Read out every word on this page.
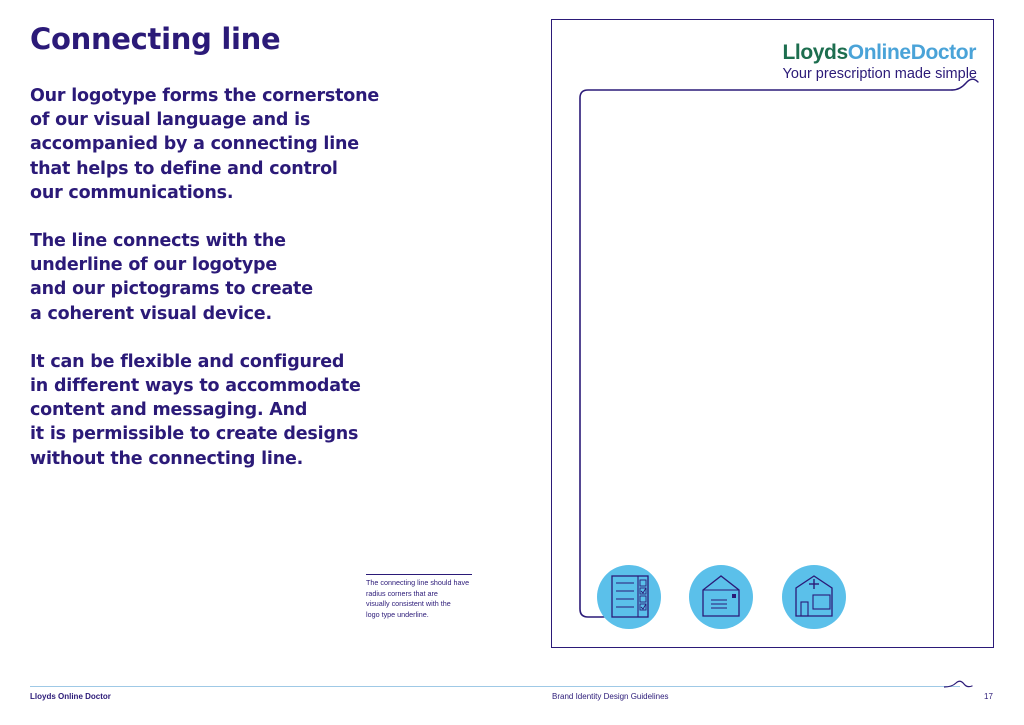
Connecting line

Our logotype forms the cornerstone
of our visual language and is
accompanied by a connecting line
that helps to define and control
our communications.

The line connects with the
underline of our logotype
and our pictograms to create
a coherent visual device.

It can be flexible and configured
in different ways to accommodate
content and messaging. And
it is permissible to create designs
without the connecting line.

The connecting line should have
radius corners that are
visually consistent with the
logo type underline.

LloydsOnlineDoctor
Your prescription made simple
Lloyds Online Doctor	Brand Identity Design Guidelines	17
